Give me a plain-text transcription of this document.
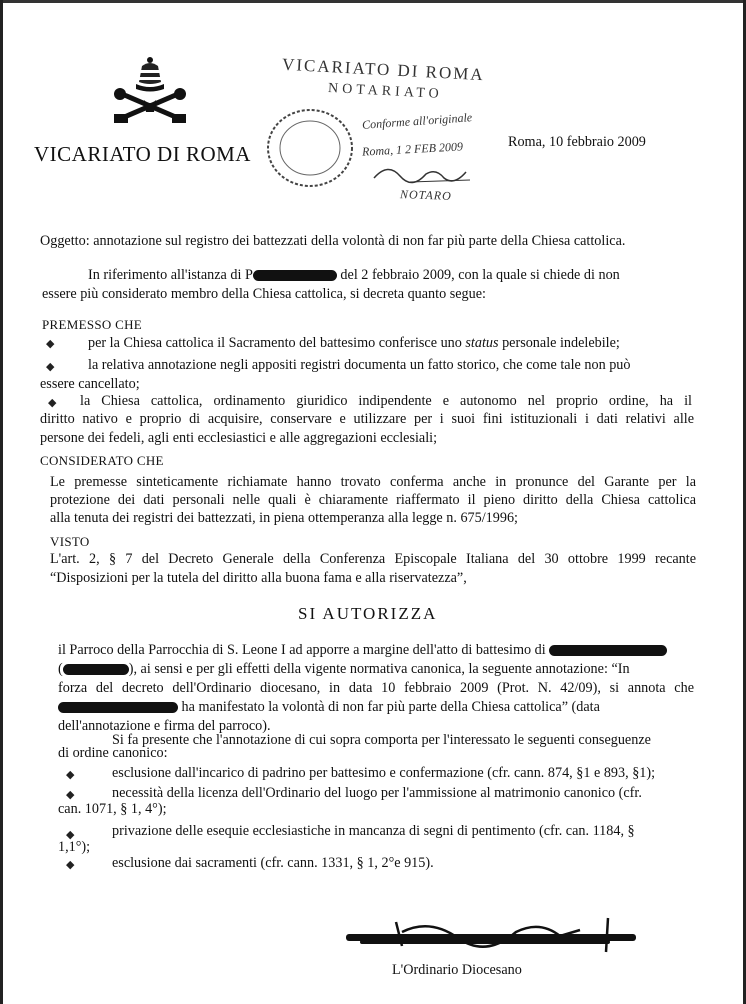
VICARIATO DI ROMA
VICARIATO DI ROMA
NOTARIATO
Conforme all'originale
Roma, 1 2 FEB 2009
NOTARO
Roma, 10 febbraio 2009
Oggetto: annotazione sul registro dei battezzati della volontà di non far più parte della Chiesa cattolica.
In riferimento all'istanza di P	del 2 febbraio 2009, con la quale si chiede di non
essere più considerato membro della Chiesa cattolica, si decreta quanto segue:
PREMESSO CHE
◆ per la Chiesa cattolica il Sacramento del battesimo conferisce uno status personale indelebile;
◆ la relativa annotazione negli appositi registri documenta un fatto storico, che come tale non può
essere cancellato;
◆ la Chiesa cattolica, ordinamento giuridico indipendente e autonomo nel proprio ordine, ha il
diritto nativo e proprio di acquisire, conservare e utilizzare per i suoi fini istituzionali i dati relativi alle
persone dei fedeli, agli enti ecclesiastici e alle aggregazioni ecclesiali;
CONSIDERATO CHE
Le premesse sinteticamente richiamate hanno trovato conferma anche in pronunce del Garante per la
protezione dei dati personali nelle quali è chiaramente riaffermato il pieno diritto della Chiesa cattolica
alla tenuta dei registri dei battezzati, in piena ottemperanza alla legge n. 675/1996;
VISTO
L'art. 2, § 7 del Decreto Generale della Conferenza Episcopale Italiana del 30 ottobre 1999 recante
“Disposizioni per la tutela del diritto alla buona fama e alla riservatezza”,
SI AUTORIZZA
il Parroco della Parrocchia di S. Leone I ad apporre a margine dell'atto di battesimo di
(	), ai sensi e per gli effetti della vigente normativa canonica, la seguente annotazione: “In
forza del decreto dell'Ordinario diocesano, in data 10 febbraio 2009 (Prot. N. 42/09), si annota che
ha manifestato la volontà di non far più parte della Chiesa cattolica” (data
dell'annotazione e firma del parroco).
Si fa presente che l'annotazione di cui sopra comporta per l'interessato le seguenti conseguenze
di ordine canonico:
◆	esclusione dall'incarico di padrino per battesimo e confermazione (cfr. cann. 874, §1 e 893, §1);
◆	necessità della licenza dell'Ordinario del luogo per l'ammissione al matrimonio canonico (cfr.
can. 1071, § 1, 4°);
◆	privazione delle esequie ecclesiastiche in mancanza di segni di pentimento (cfr. can. 1184, §
1,1°);
◆	esclusione dai sacramenti (cfr. cann. 1331, § 1, 2°e 915).
L'Ordinario Diocesano
